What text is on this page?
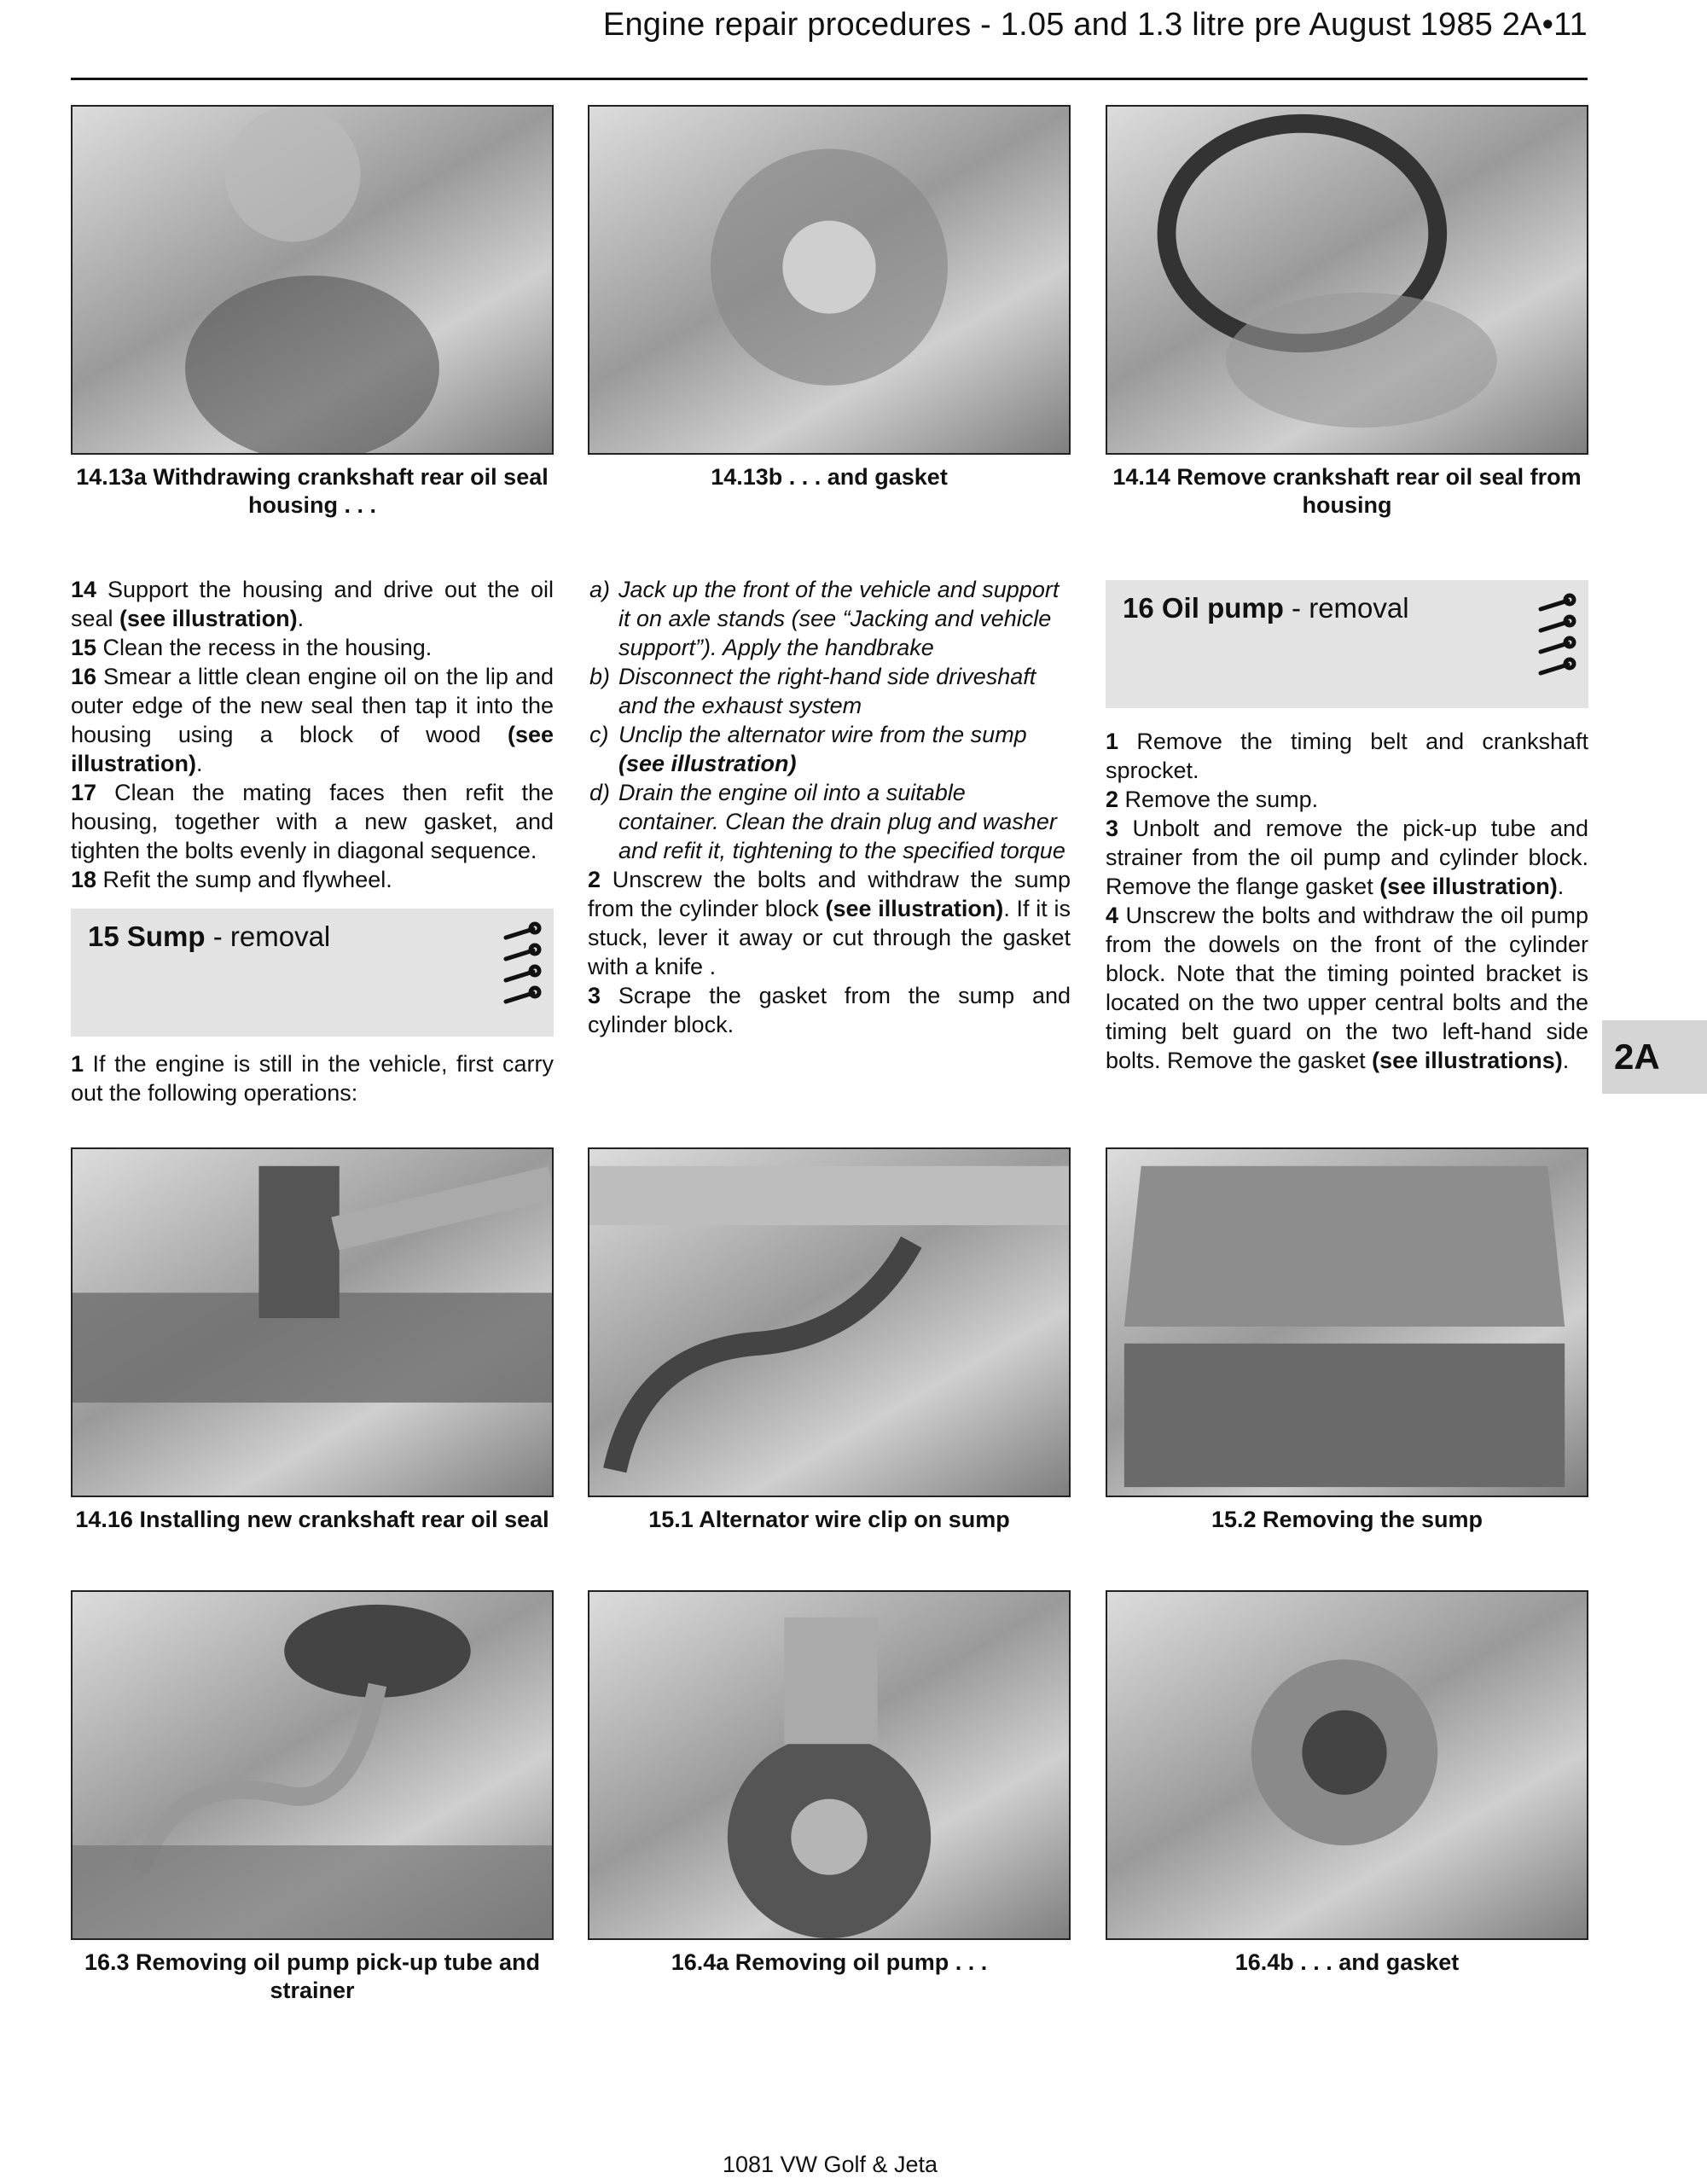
Engine repair procedures - 1.05 and 1.3 litre pre August 1985 2A•11
14.13a Withdrawing crankshaft rear oil seal housing . . .
14.13b . . . and gasket	14.14 Remove crankshaft rear oil seal from housing

14 Support the housing and drive out the oil seal (see illustration).

15 Clean the recess in the housing.

16 Smear a little clean engine oil on the lip and outer edge of the new seal then tap it into the housing using a block of wood (see illustration).

17 Clean the mating faces then refit the housing, together with a new gasket, and tighten the bolts evenly in diagonal sequence.

18 Refit the sump and flywheel.

15 Sump - removal

1 If the engine is still in the vehicle, first carry out the following operations:

a) Jack up the front of the vehicle and support it on axle stands (see “Jacking and vehicle support”). Apply the handbrake
b) Disconnect the right-hand side driveshaft and the exhaust system
c) Unclip the alternator wire from the sump (see illustration)
d) Drain the engine oil into a suitable container. Clean the drain plug and washer and refit it, tightening to the specified torque

2 Unscrew the bolts and withdraw the sump from the cylinder block (see illustration). If it is stuck, lever it away or cut through the gasket with a knife .

3 Scrape the gasket from the sump and cylinder block.

16 Oil pump - removal

1 Remove the timing belt and crankshaft sprocket.

2 Remove the sump.

3 Unbolt and remove the pick-up tube and strainer from the oil pump and cylinder block. Remove the flange gasket (see illustration).

4 Unscrew the bolts and withdraw the oil pump from the dowels on the front of the cylinder block. Note that the timing pointed bracket is located on the two upper central bolts and the timing belt guard on the two left-hand side bolts. Remove the gasket (see illustrations).	2A
14.16 Installing new crankshaft rear oil seal	15.1 Alternator wire clip on sump	15.2 Removing the sump
16.3 Removing oil pump pick-up tube and strainer
16.4a Removing oil pump . . .	16.4b . . . and gasket
1081 VW Golf & Jeta
